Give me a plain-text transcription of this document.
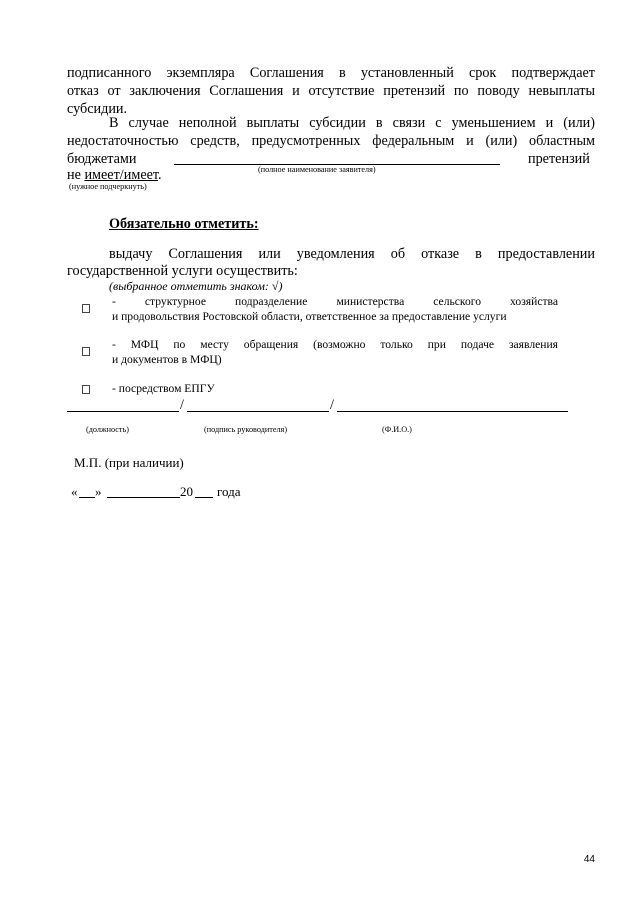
подписанного экземпляра Соглашения в установленный срок подтверждает
отказ от заключения Соглашения и отсутствие претензий по поводу невыплаты
субсидии.
В случае неполной выплаты субсидии в связи с уменьшением и (или)
недостаточностью средств, предусмотренных федеральным и (или) областным
бюджетами	претензий
(полное наименование заявителя)
не имеет/имеет.
(нужное подчеркнуть)
Обязательно отметить:
выдачу Соглашения или уведомления об отказе в предоставлении
государственной услуги осуществить:
(выбранное отметить знаком: √)
- структурное подразделение министерства сельского хозяйства
и продовольствия Ростовской области, ответственное за предоставление услуги
- МФЦ по месту обращения (возможно только при подаче заявления
и документов в МФЦ)
- посредством ЕПГУ
/	/
(должность)	(подпись руководителя)	(Ф.И.О.)
М.П. (при наличии)
« »	20 года
44
